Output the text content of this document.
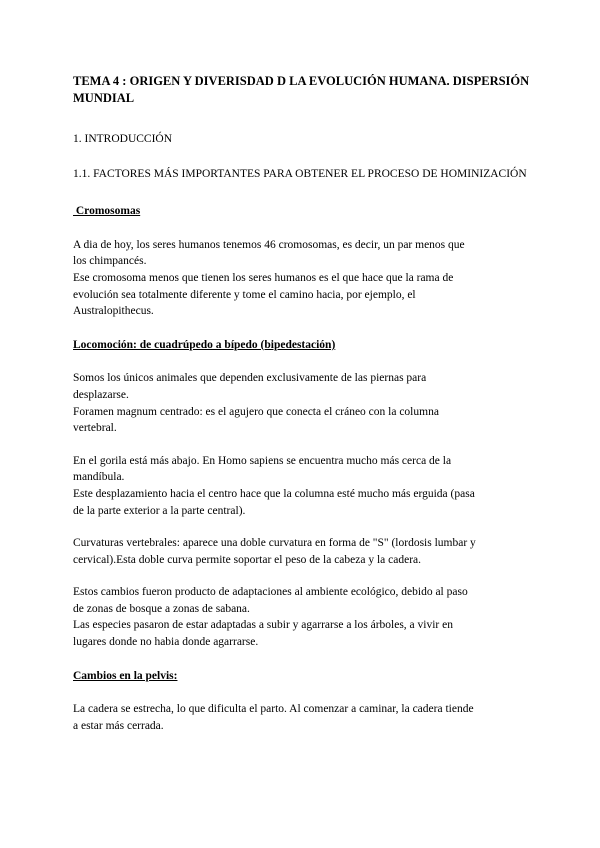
TEMA 4 : ORIGEN Y DIVERISDAD D LA EVOLUCIÓN HUMANA. DISPERSIÓN MUNDIAL
1. INTRODUCCIÓN
1.1. FACTORES MÁS IMPORTANTES PARA OBTENER EL PROCESO DE HOMINIZACIÓN
Cromosomas
A dia de hoy, los seres humanos tenemos 46 cromosomas, es decir, un par menos que
los chimpancés.
Ese cromosoma menos que tienen los seres humanos es el que hace que la rama de
evolución sea totalmente diferente y tome el camino hacia, por ejemplo, el
Australopithecus.
Locomoción: de cuadrúpedo a bípedo (bipedestación)
Somos los únicos animales que dependen exclusivamente de las piernas para
desplazarse.
Foramen magnum centrado: es el agujero que conecta el cráneo con la columna
vertebral.
En el gorila está más abajo. En Homo sapiens se encuentra mucho más cerca de la
mandíbula.
Este desplazamiento hacia el centro hace que la columna esté mucho más erguida (pasa
de la parte exterior a la parte central).
Curvaturas vertebrales: aparece una doble curvatura en forma de "S" (lordosis lumbar y
cervical).Esta doble curva permite soportar el peso de la cabeza y la cadera.
Estos cambios fueron producto de adaptaciones al ambiente ecológico, debido al paso
de zonas de bosque a zonas de sabana.
Las especies pasaron de estar adaptadas a subir y agarrarse a los árboles, a vivir en
lugares donde no habia donde agarrarse.
Cambios en la pelvis:
La cadera se estrecha, lo que dificulta el parto. Al comenzar a caminar, la cadera tiende
a estar más cerrada.
